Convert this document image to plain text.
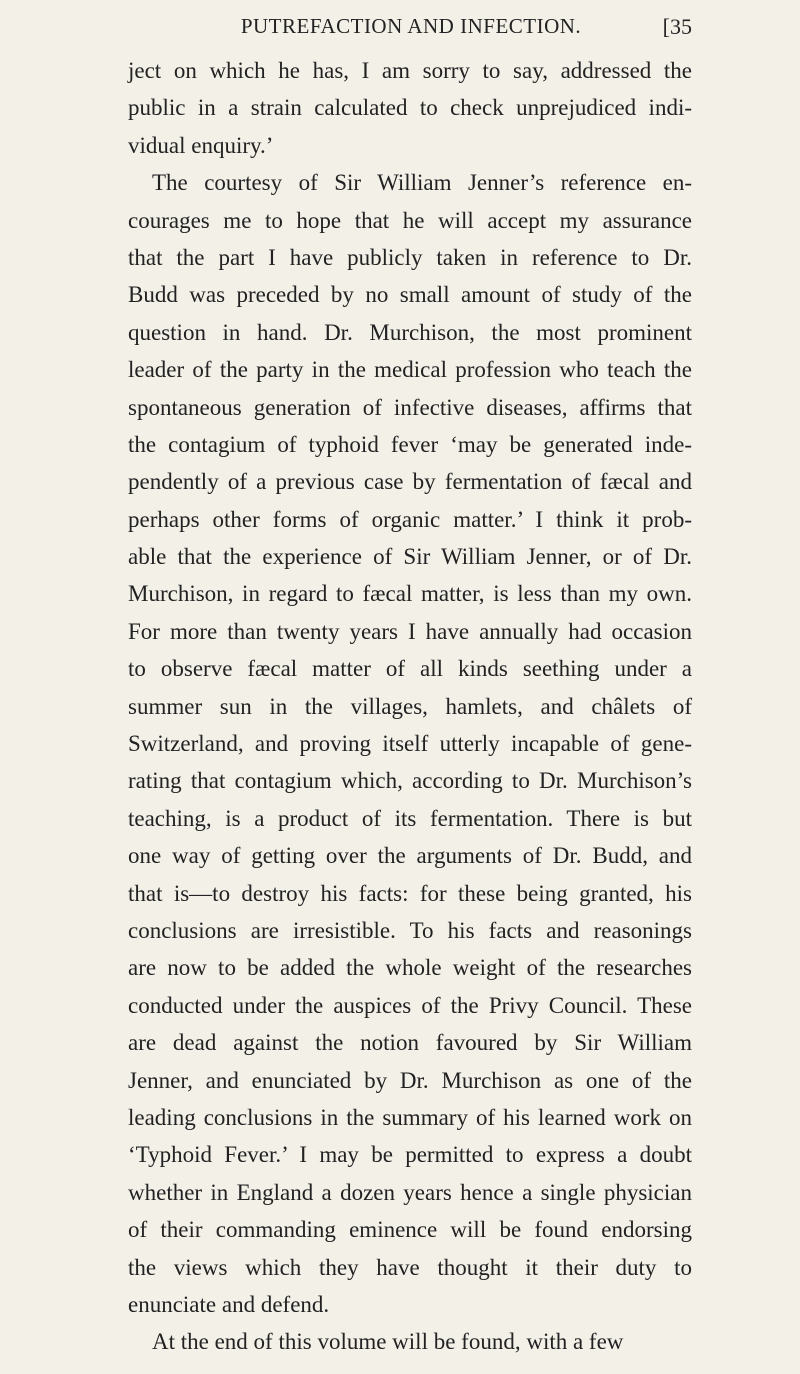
PUTREFACTION AND INFECTION.	[35
ject on which he has, I am sorry to say, addressed the
public in a strain calculated to check unprejudiced indi-
vidual enquiry.’
The courtesy of Sir William Jenner’s reference en-
courages me to hope that he will accept my assurance
that the part I have publicly taken in reference to Dr.
Budd was preceded by no small amount of study of the
question in hand. Dr. Murchison, the most prominent
leader of the party in the medical profession who teach the
spontaneous generation of infective diseases, affirms that
the contagium of typhoid fever ‘may be generated inde-
pendently of a previous case by fermentation of fæcal and
perhaps other forms of organic matter.’ I think it prob-
able that the experience of Sir William Jenner, or of Dr.
Murchison, in regard to fæcal matter, is less than my own.
For more than twenty years I have annually had occasion
to observe fæcal matter of all kinds seething under a
summer sun in the villages, hamlets, and châlets of
Switzerland, and proving itself utterly incapable of gene-
rating that contagium which, according to Dr. Murchison’s
teaching, is a product of its fermentation. There is but
one way of getting over the arguments of Dr. Budd, and
that is—to destroy his facts: for these being granted, his
conclusions are irresistible. To his facts and reasonings
are now to be added the whole weight of the researches
conducted under the auspices of the Privy Council. These
are dead against the notion favoured by Sir William
Jenner, and enunciated by Dr. Murchison as one of the
leading conclusions in the summary of his learned work on
‘Typhoid Fever.’ I may be permitted to express a doubt
whether in England a dozen years hence a single physician
of their commanding eminence will be found endorsing
the views which they have thought it their duty to
enunciate and defend.
At the end of this volume will be found, with a few
